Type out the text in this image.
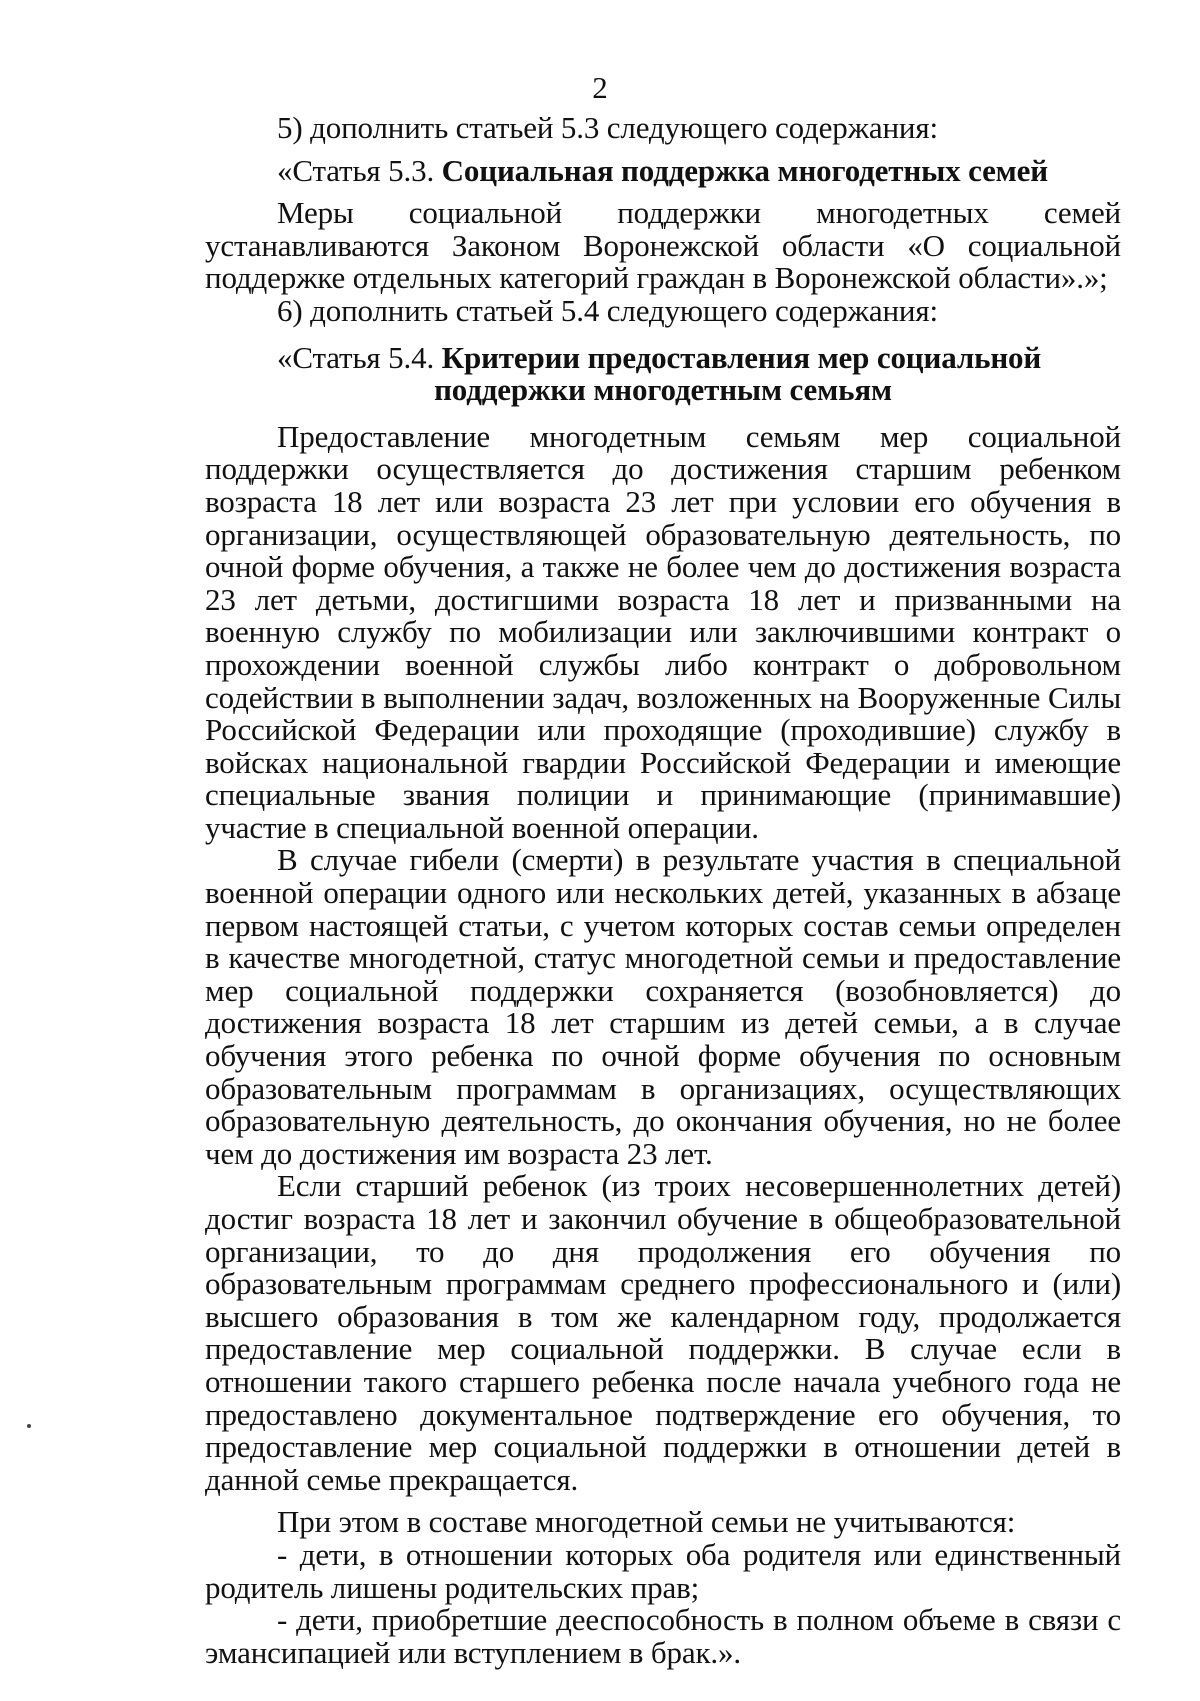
2

5) дополнить статьей 5.3 следующего содержания:

«Статья 5.3. Социальная поддержка многодетных семей

Меры социальной поддержки многодетных семей устанавливаются Законом Воронежской области «О социальной поддержке отдельных категорий граждан в Воронежской области».»;

6) дополнить статьей 5.4 следующего содержания:

«Статья 5.4. Критерии предоставления мер социальной

поддержки многодетным семьям

Предоставление многодетным семьям мер социальной поддержки осуществляется до достижения старшим ребенком возраста 18 лет или возраста 23 лет при условии его обучения в организации, осуществляющей образовательную деятельность, по очной форме обучения, а также не более чем до достижения возраста 23 лет детьми, достигшими возраста 18 лет и призванными на военную службу по мобилизации или заключившими контракт о прохождении военной службы либо контракт о добровольном содействии в выполнении задач, возложенных на Вооруженные Силы Российской Федерации или проходящие (проходившие) службу в войсках национальной гвардии Российской Федерации и имеющие специальные звания полиции и принимающие (принимавшие) участие в специальной военной операции.

В случае гибели (смерти) в результате участия в специальной военной операции одного или нескольких детей, указанных в абзаце первом настоящей статьи, с учетом которых состав семьи определен в качестве многодетной, статус многодетной семьи и предоставление мер социальной поддержки сохраняется (возобновляется) до достижения возраста 18 лет старшим из детей семьи, а в случае обучения этого ребенка по очной форме обучения по основным образовательным программам в организациях, осуществляющих образовательную деятельность, до окончания обучения, но не более чем до достижения им возраста 23 лет.

Если старший ребенок (из троих несовершеннолетних детей) достиг возраста 18 лет и закончил обучение в общеобразовательной организации, то до дня продолжения его обучения по образовательным программам среднего профессионального и (или) высшего образования в том же календарном году, продолжается предоставление мер социальной поддержки. В случае если в отношении такого старшего ребенка после начала учебного года не предоставлено документальное подтверждение его обучения, то предоставление мер социальной поддержки в отношении детей в данной семье прекращается.

При этом в составе многодетной семьи не учитываются:

- дети, в отношении которых оба родителя или единственный родитель лишены родительских прав;

- дети, приобретшие дееспособность в полном объеме в связи с эмансипацией или вступлением в брак.».
